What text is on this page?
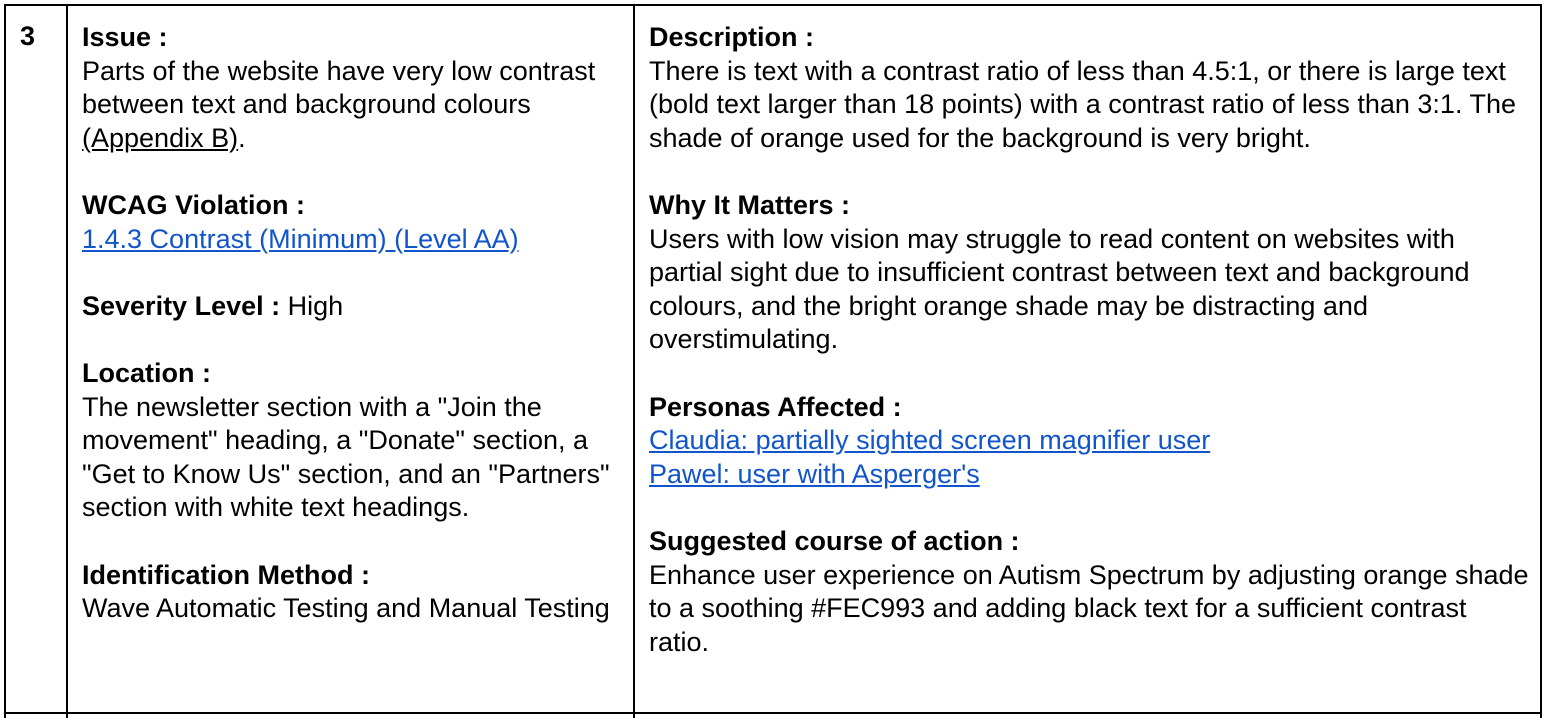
3	Issue :
Parts of the website have very low contrast between text and background colours (Appendix B).
WCAG Violation :
1.4.3 Contrast (Minimum) (Level AA)
Severity Level : High
Location :
The newsletter section with a "Join the movement" heading, a "Donate" section, a "Get to Know Us" section, and an "Partners" section with white text headings.
Identification Method :
Wave Automatic Testing and Manual Testing
Description :
There is text with a contrast ratio of less than 4.5:1, or there is large text (bold text larger than 18 points) with a contrast ratio of less than 3:1. The shade of orange used for the background is very bright.
Why It Matters :
Users with low vision may struggle to read content on websites with partial sight due to insufficient contrast between text and background colours, and the bright orange shade may be distracting and overstimulating.
Personas Affected :
Claudia: partially sighted screen magnifier user
Pawel: user with Asperger's
Suggested course of action :
Enhance user experience on Autism Spectrum by adjusting orange shade to a soothing #FEC993 and adding black text for a sufficient contrast ratio.
